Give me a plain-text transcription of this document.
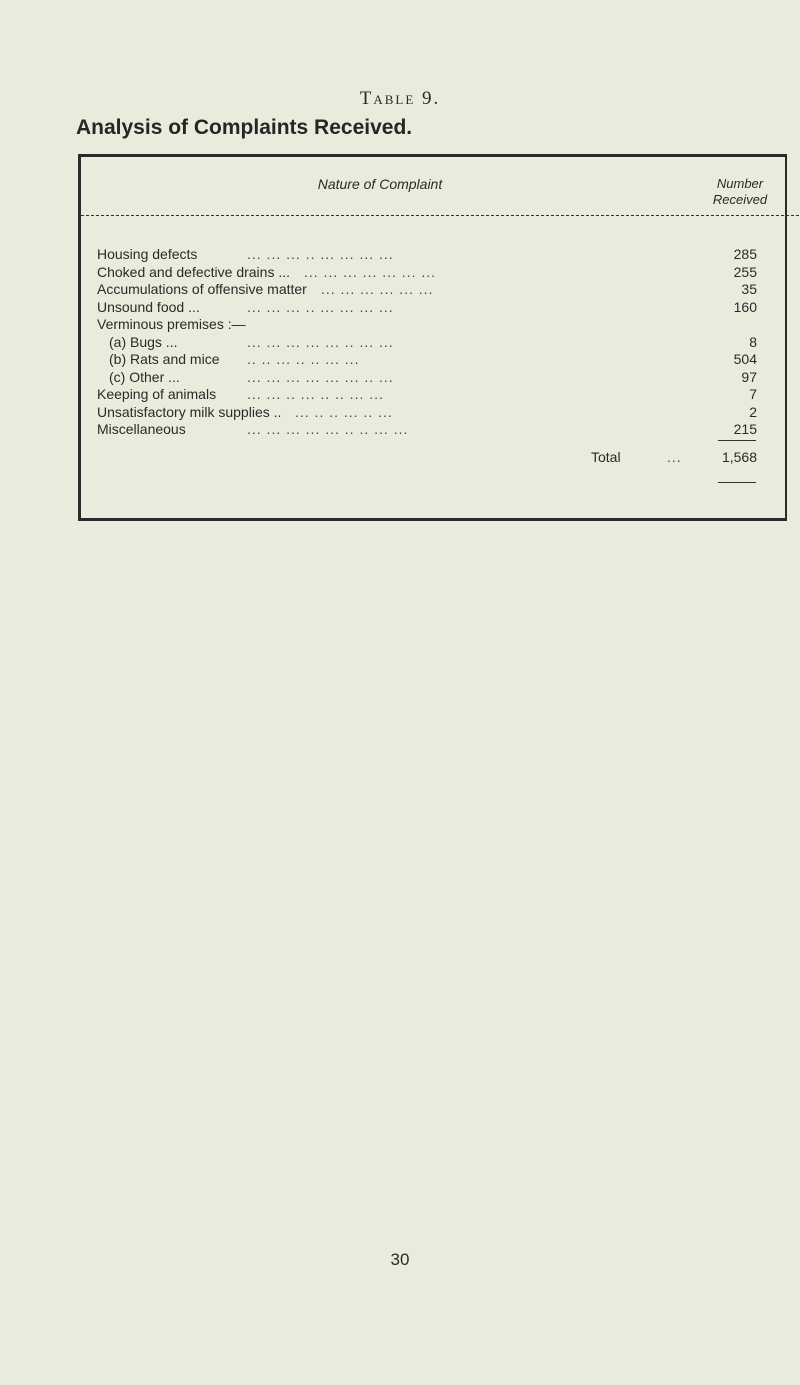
Table 9.
Analysis of Complaints Received.
Nature of Complaint	Number
Received
Housing defects	... ... ... .. ... ... ... ...	285
Choked and defective drains ... ... ... ... ... ... ... ...	255
Accumulations of offensive matter ... ... ... ... ... ...	35
Unsound food ...	... ... ... .. ... ... ... ...	160
Verminous premises :—
(a) Bugs ...	... ... ... ... ... .. ... ...	8
(b) Rats and mice .. .. ... .. .. ... ...	504
(c) Other ...	... ... ... ... ... ... .. ...	97
Keeping of animals ... ... .. ... .. .. ... ...	7
Unsatisfactory milk supplies .. ... .. .. ... .. ...	2
Miscellaneous	... ... ... ... ... .. .. ... ...	215
Total	...	1,568
30
